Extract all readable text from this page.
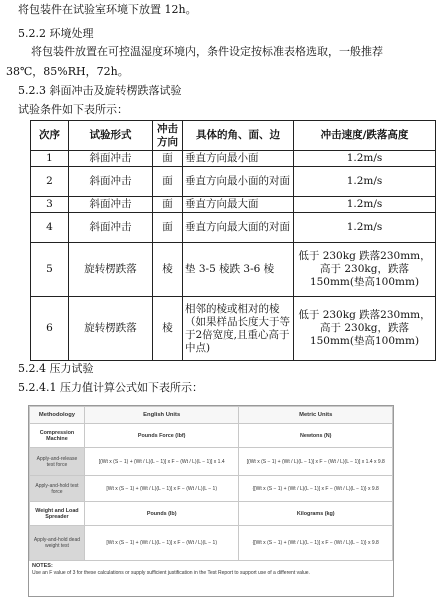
将包装件在试验室环境下放置 12h。
5.2.2 环境处理
将包装件放置在可控温湿度环境内，条件设定按标准表格选取，一般推荐
38℃，85%RH，72h。
5.2.3 斜面冲击及旋转楞跌落试验
试验条件如下表所示：
次序	试验形式	冲击方向	具体的角、面、边	冲击速度/跌落高度
1	斜面冲击	面	垂直方向最小面	1.2m/s
2	斜面冲击	面	垂直方向最小面的对面	1.2m/s
3	斜面冲击	面	垂直方向最大面	1.2m/s
4	斜面冲击	面	垂直方向最大面的对面	1.2m/s
5	旋转楞跌落	棱	垫 3-5 棱跌 3-6 棱	低于 230kg 跌落230mm，高于 230kg，跌落150mm(垫高100mm)
6	旋转楞跌落	棱	相邻的棱或相对的棱（如果样品长度大于等于2倍宽度,且重心高于中点)	低于 230kg 跌落230mm，高于 230kg，跌落150mm(垫高100mm)
5.2.4 压力试验
5.2.4.1 压力值计算公式如下表所示：
Methodology	English Units	Metric Units
Compression Machine	Pounds Force (lbf)	Newtons (N)
Apply-and-release test force	[(Wt x (S − 1) + (Wt / L)(L − 1)] x F − (Wt / L)(L − 1)] x 1.4	[(Wt x (S − 1) + (Wt / L)(L − 1)] x F − (Wt / L)(L − 1)] x 1.4 x 9.8
Apply-and-hold test force	[Wt x (S − 1) + (Wt / L)(L − 1)] x F − (Wt / L)(L − 1)	{[Wt x (S − 1) + (Wt / L)(L − 1)] x F − (Wt / L)(L − 1)} x 9.8
Weight and Load Spreader	Pounds (lb)	Kilograms (kg)
Apply-and-hold dead weight test	[Wt x (S − 1) + (Wt / L)(L − 1)] x F − (Wt / L)(L − 1)	{[Wt x (S − 1) + (Wt / L)(L − 1)] x F − (Wt / L)(L − 1)} x 9.8
NOTES:
Use an F value of 3 for these calculations or supply sufficient justification in the Test Report to support use of a different value.
